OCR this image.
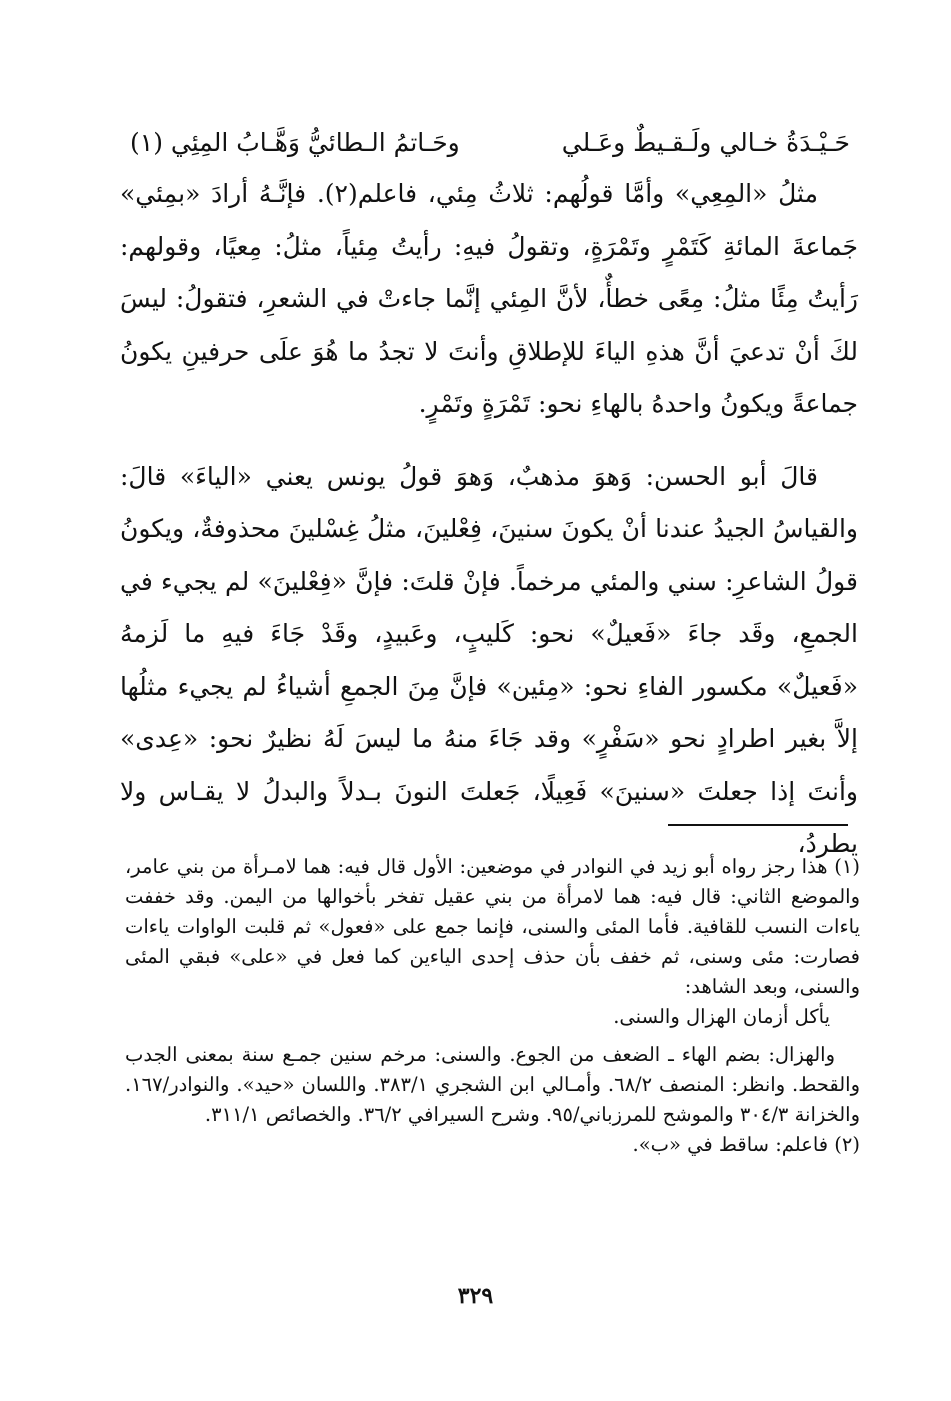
حَـيْـدَةُ خـالي ولَـقـيطٌ وعَـلي
وحَـاتمُ الـطائيُّ وَهَّـابُ المِئِي (١)

مثلُ «المِعِي» وأمَّا قولُهم: ثلاثُ مِئي، فاعلم(٢). فإنَّـهُ أرادَ «بمِئي» جَماعةَ المائةِ كَتَمْرٍ وتَمْرَةٍ، وتقولُ فيهِ: رأيتُ مِئياً، مثلُ: مِعيًا، وقولهم: رَأيتُ مِئًا مثلُ: مِعًى خطأٌ، لأنَّ المِئي إنَّما جاءتْ في الشعرِ، فتقولُ: ليسَ لكَ أنْ تدعيَ أنَّ هذهِ الياءَ للإطلاقِ وأنتَ لا تجدُ ما هُوَ علَى حرفينِ يكونُ جماعةً ويكونُ واحدهُ بالهاءِ نحو: تَمْرَةٍ وتَمْرٍ.

قالَ أبو الحسن: وَهوَ مذهبٌ، وَهوَ قولُ يونس يعني «الياءَ» قالَ: والقياسُ الجيدُ عندنا أنْ يكونَ سنينَ، فِعْلينَ، مثلُ غِسْلينَ محذوفةٌ، ويكونُ قولُ الشاعرِ: سني والمئي مرخماً. فإنْ قلتَ: فإنَّ «فِعْلينَ» لم يجيء في الجمعِ، وقَد جاءَ «فَعيلٌ» نحو: كَليبٍ، وعَبيدٍ، وقَدْ جَاءَ فيهِ ما لَزمهُ «فَعيلٌ» مكسور الفاءِ نحو: «مِئين» فإنَّ مِنَ الجمعِ أشياءُ لم يجيء مثلُها إلاَّ بغير اطرادٍ نحو «سَفْرٍ» وقد جَاءَ منهُ ما ليسَ لَهُ نظيرٌ نحو: «عِدى» وأنتَ إذا جعلتَ «سنينَ» فَعِيلًا، جَعلتَ النونَ بـدلاً والبدلُ لا يقـاس ولا يطردُ،

(١) هذا رجز رواه أبو زيد في النوادر في موضعين: الأول قال فيه: هما لامـرأة من بني عامر، والموضع الثاني: قال فيه: هما لامرأة من بني عقيل تفخر بأخوالها من اليمن. وقد خففت ياءات النسب للقافية. فأما المئى والسنى، فإنما جمع على «فعول» ثم قلبت الواوات ياءات فصارت: مئى وسنى، ثم خفف بأن حذف إحدى الياءين كما فعل في «على» فبقي المئى والسنى، وبعد الشاهد:

يأكل أزمان الهزال والسنى.

والهزال: بضم الهاء ـ الضعف من الجوع. والسنى: مرخم سنين جمـع سنة بمعنى الجدب والقحط. وانظر: المنصف ٦٨/٢. وأمـالي ابن الشجري ٣٨٣/١. واللسان «حيد». والنوادر/١٦٧. والخزانة ٣٠٤/٣ والموشح للمرزباني/٩٥. وشرح السيرافي ٣٦/٢. والخصائص ٣١١/١.

(٢) فاعلم: ساقط في «ب».

٣٢٩
